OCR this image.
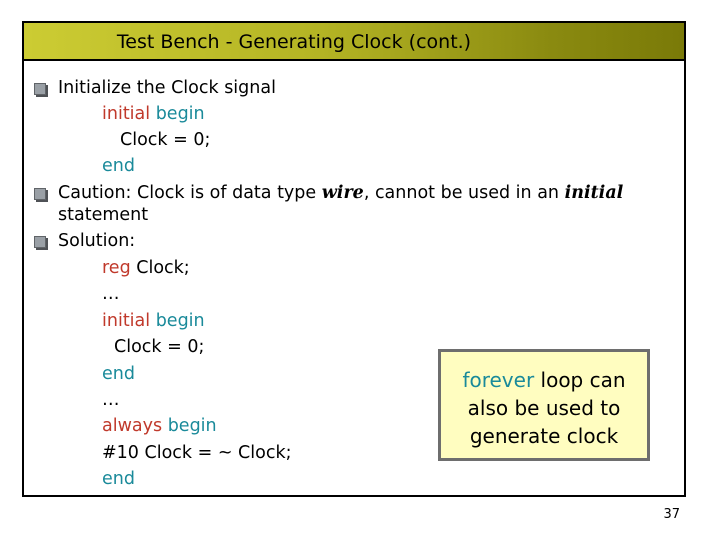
Test Bench - Generating Clock (cont.)
Initialize the Clock signal
initial begin
Clock = 0;
end
Caution: Clock is of data type wire, cannot be used in an initial
statement
Solution:
reg Clock;
…
initial begin
Clock = 0;
end
…
always begin
#10 Clock = ~ Clock;
end
forever loop can
also be used to
generate clock
37
